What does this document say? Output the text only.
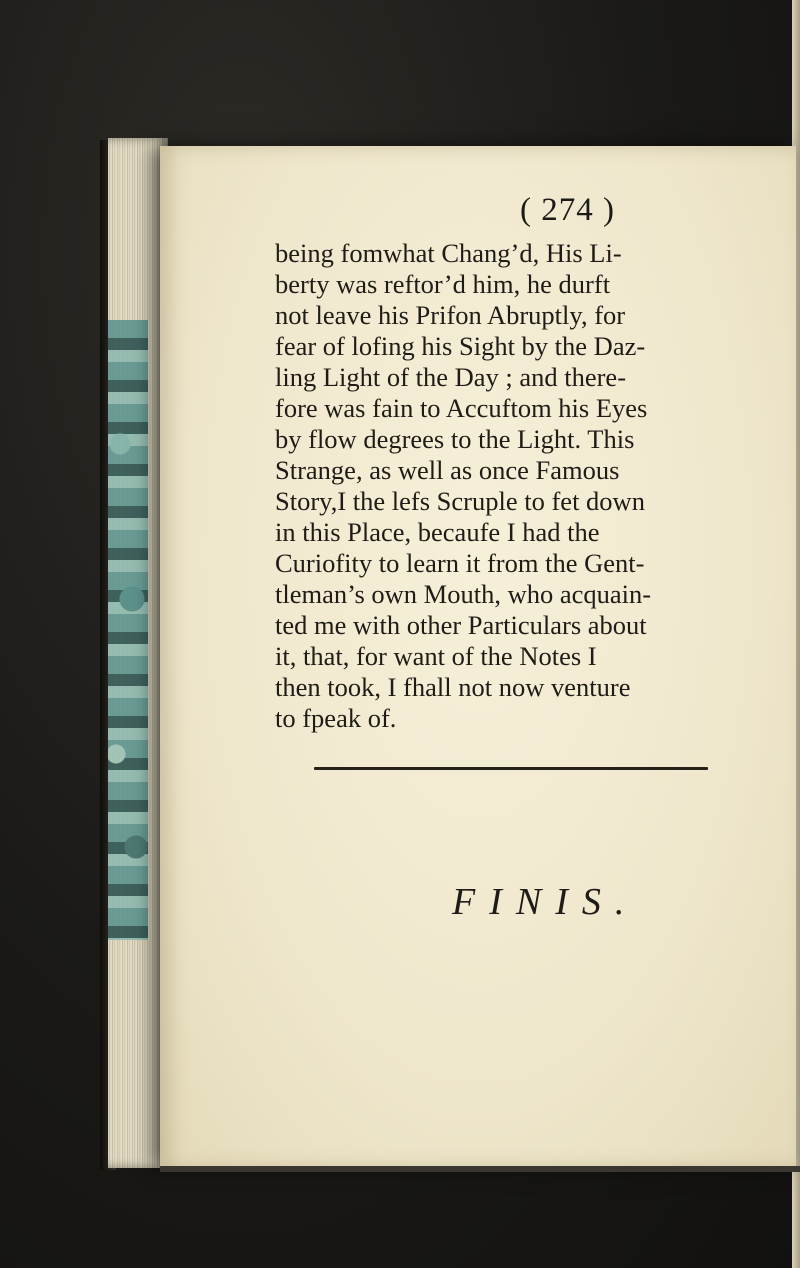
( 274 )
being fomwhat Chang’d, His Li-
berty was reftor’d him, he durft
not leave his Prifon Abruptly, for
fear of lofing his Sight by the Daz-
ling Light of the Day ; and there-
fore was fain to Accuftom his Eyes
by flow degrees to the Light. This
Strange, as well as once Famous
Story,I the lefs Scruple to fet down
in this Place, becaufe I had the
Curiofity to learn it from the Gent-
tleman’s own Mouth, who acquain-
ted me with other Particulars about
it, that, for want of the Notes I
then took, I fhall not now venture
to fpeak of.
FINIS.
